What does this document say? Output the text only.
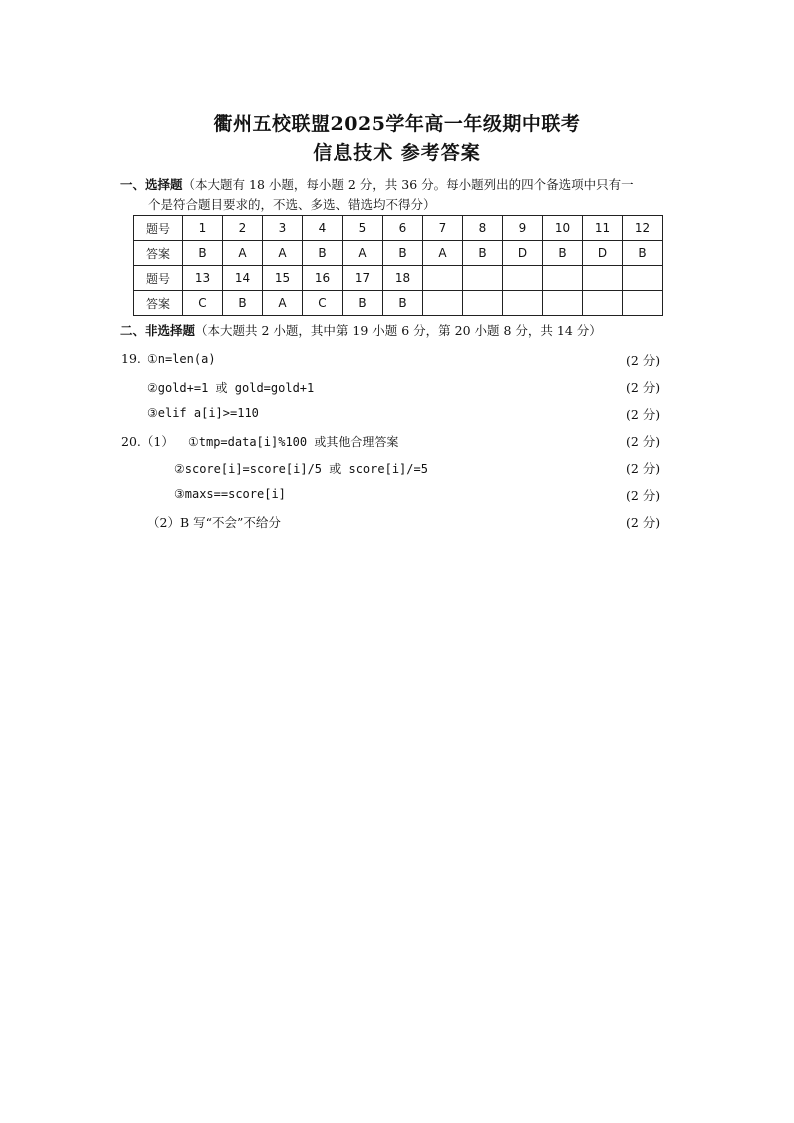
衢州五校联盟2025学年高一年级期中联考
信息技术 参考答案
一、选择题（本大题有 18 小题，每小题 2 分，共 36 分。每小题列出的四个备选项中只有一
个是符合题目要求的，不选、多选、错选均不得分）
题号	1	2	3	4	5	6	7	8	9	10	11	12
答案	B	A	A	B	A	B	A	B	D	B	D	B
题号	13	14	15	16	17	18						
答案	C	B	A	C	B	B						
二、非选择题（本大题共 2 小题，其中第 19 小题 6 分，第 20 小题 8 分，共 14 分）
19. ①n=len(a)	(2 分)
②gold+=1 或 gold=gold+1	(2 分)
③elif a[i]>=110	(2 分)
20.（1） ①tmp=data[i]%100 或其他合理答案	(2 分)
②score[i]=score[i]/5 或 score[i]/=5	(2 分)
③maxs==score[i]	(2 分)
（2）B 写“不会”不给分	(2 分)
